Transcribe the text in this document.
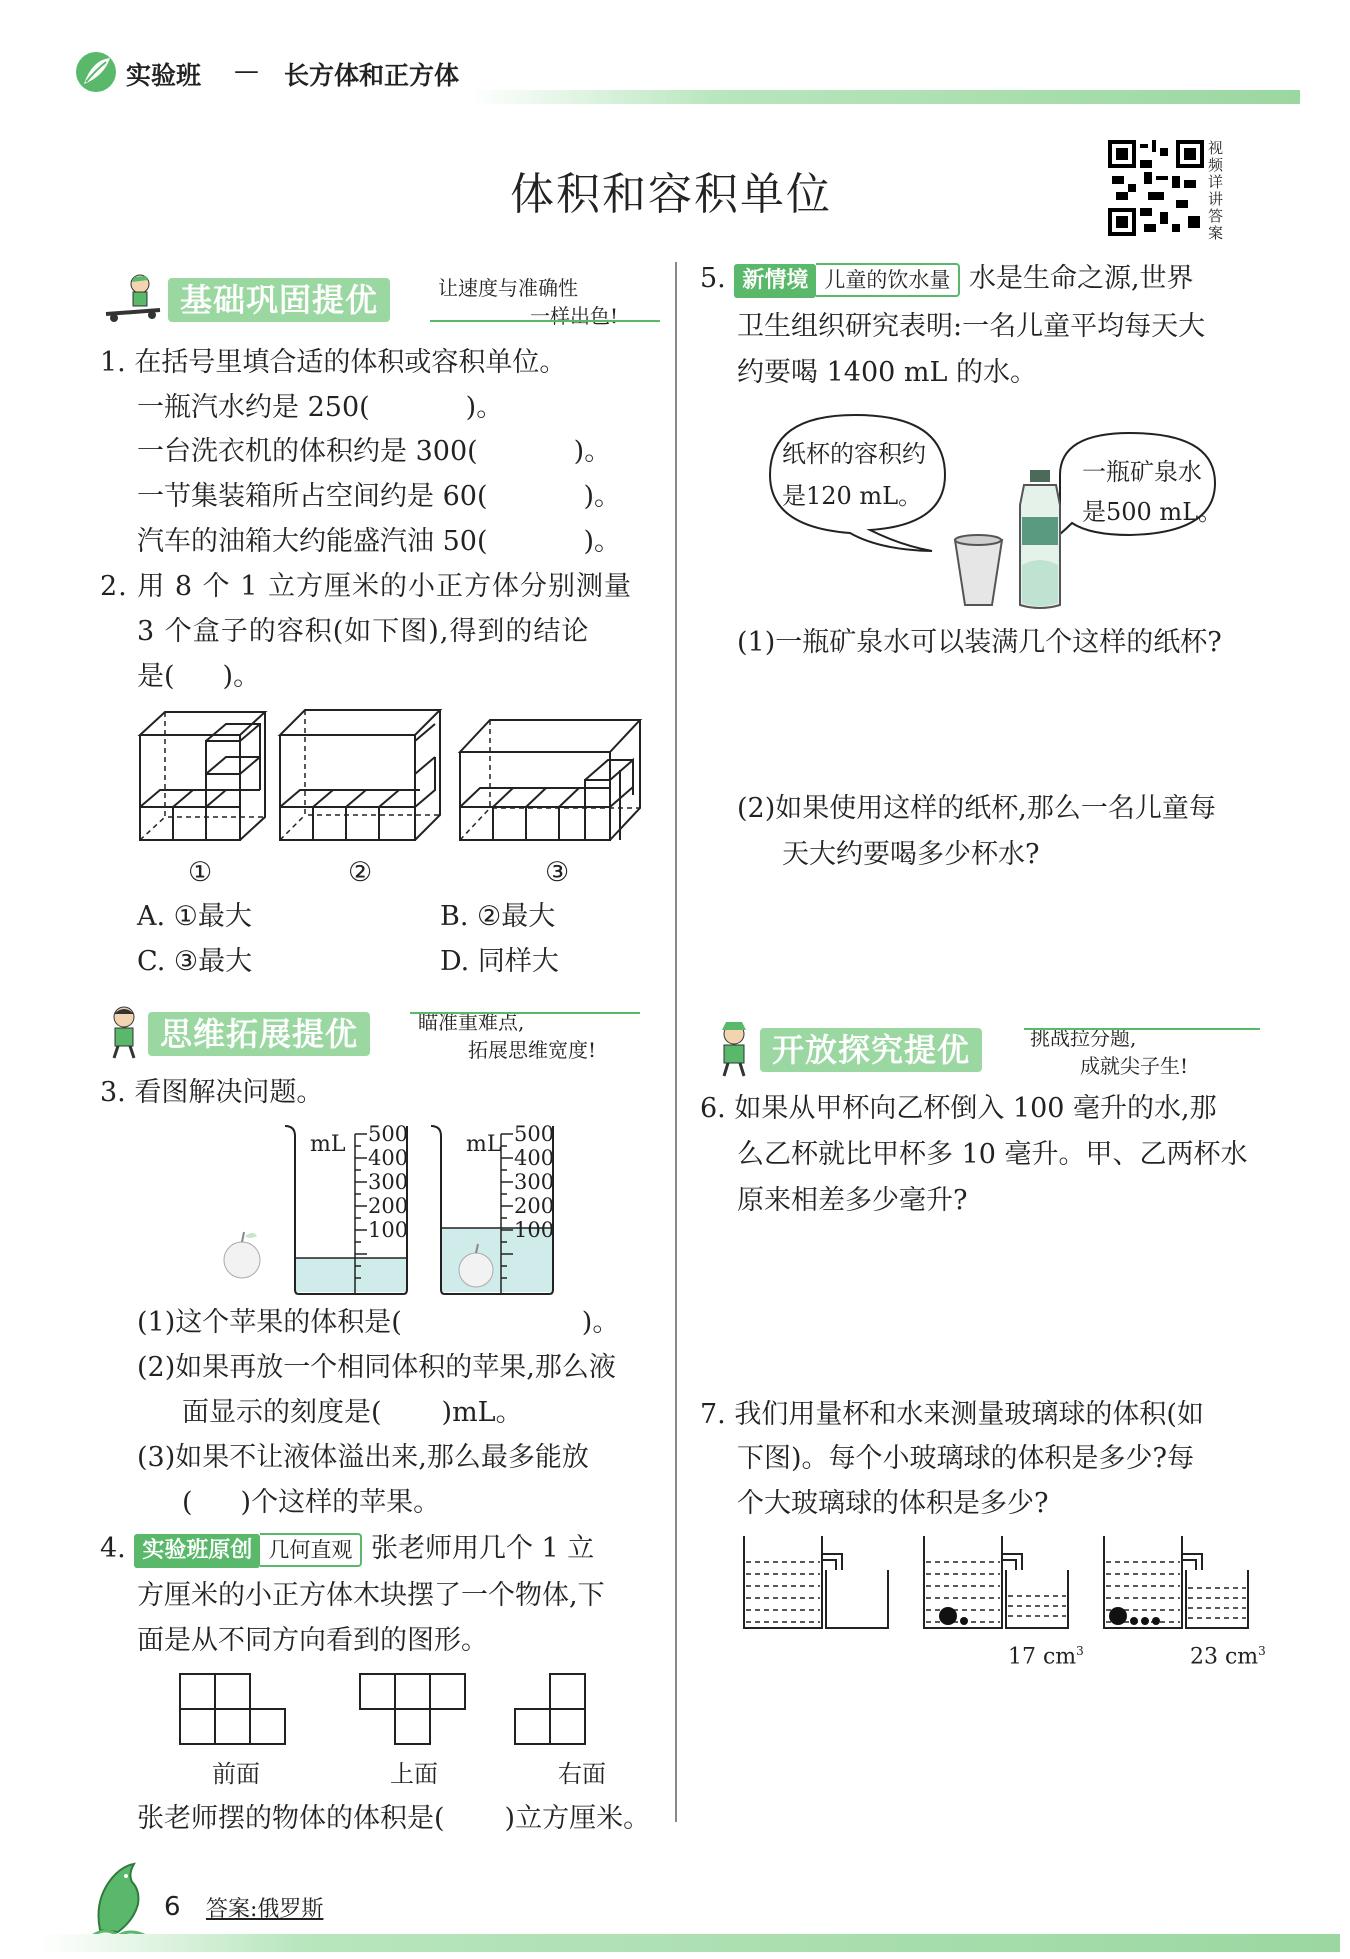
实验班 — 长方体和正方体
体积和容积单位
视频详讲答案
基础巩固提优	让速度与准确性
一样出色!
1. 在括号里填合适的体积或容积单位。
一瓶汽水约是 250(	)。
一台洗衣机的体积约是 300(	)。
一节集装箱所占空间约是 60(	)。
汽车的油箱大约能盛汽油 50(	)。
2. 用 8 个 1 立方厘米的小正方体分别测量
3 个盒子的容积(如下图),得到的结论
是( )。
①	②	③
A. ①最大	B. ②最大
C. ③最大	D. 同样大
思维拓展提优	瞄准重难点,
拓展思维宽度!
3. 看图解决问题。
mL 500
400
300
200
100
mL 500
400
300
200
100
(1)这个苹果的体积是(	)。
(2)如果再放一个相同体积的苹果,那么液
面显示的刻度是( )mL。
(3)如果不让液体溢出来,那么最多能放
( )个这样的苹果。
4. 实验班原创 几何直观 张老师用几个 1 立
方厘米的小正方体木块摆了一个物体,下
面是从不同方向看到的图形。
前面	上面	右面
张老师摆的物体的体积是( )立方厘米。
5. 新情境 儿童的饮水量 水是生命之源,世界
卫生组织研究表明:一名儿童平均每天大
约要喝 1400 mL 的水。
纸杯的容积约
是120 mL。
一瓶矿泉水
是500 mL。
(1)一瓶矿泉水可以装满几个这样的纸杯?
(2)如果使用这样的纸杯,那么一名儿童每
天大约要喝多少杯水?
开放探究提优	挑战拉分题,
成就尖子生!
6. 如果从甲杯向乙杯倒入 100 毫升的水,那
么乙杯就比甲杯多 10 毫升。甲、乙两杯水
原来相差多少毫升?
7. 我们用量杯和水来测量玻璃球的体积(如
下图)。每个小玻璃球的体积是多少?每
个大玻璃球的体积是多少?
17 $cm^3$	23 $cm^3$
6 答案:俄罗斯
